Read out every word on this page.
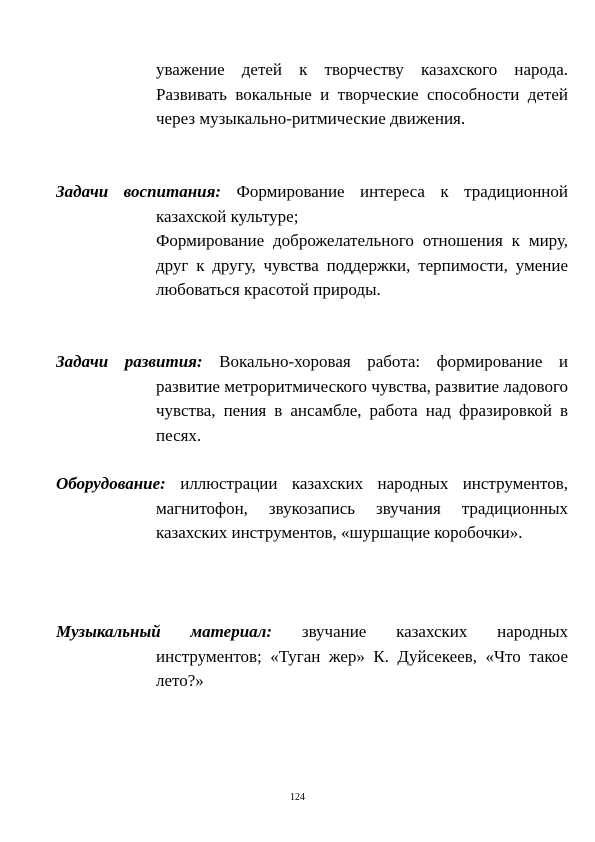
уважение детей к творчеству казахского народа. Развивать вокальные и творческие способности детей через музыкально-ритмические движения.

Задачи воспитания: Формирование интереса к традиционной казахской культуре;

Формирование доброжелательного отношения к миру, друг к другу, чувства поддержки, терпимости, умение любоваться красотой природы.

Задачи развития: Вокально-хоровая работа: формирование и развитие метроритмического чувства, развитие ладового чувства, пения в ансамбле, работа над фразировкой в песях.

Оборудование: иллюстрации казахских народных инструментов, магнитофон, звукозапись звучания традиционных казахских инструментов, «шуршащие коробочки».

Музыкальный материал: звучание казахских народных инструментов; «Туган жер» К. Дуйсекеев, «Что такое лето?»

124
